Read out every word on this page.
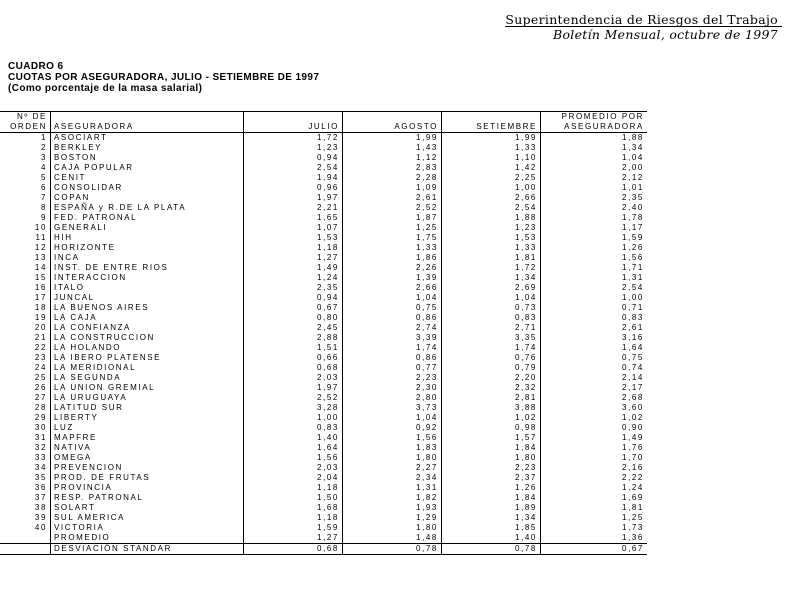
Superintendencia de Riesgos del Trabajo
Boletín Mensual, octubre de 1997
CUADRO 6
CUOTAS POR ASEGURADORA, JULIO - SETIEMBRE DE 1997
(Como porcentaje de la masa salarial)
Nº DE					PROMEDIO POR
ORDEN	ASEGURADORA	JULIO	AGOSTO	SETIEMBRE	ASEGURADORA
1	ASOCIART	1,72	1,99	1,99	1,88
2	BERKLEY	1,23	1,43	1,33	1,34
3	BOSTON	0,94	1,12	1,10	1,04
4	CAJA POPULAR	2,54	2,83	1,42	2,00
5	CENIT	1,94	2,28	2,25	2,12
6	CONSOLIDAR	0,96	1,09	1,00	1,01
7	COPAN	1,97	2,61	2,66	2,35
8	ESPAÑA y R.DE LA PLATA	2,21	2,52	2,54	2,40
9	FED. PATRONAL	1,65	1,87	1,88	1,78
10	GENERALI	1,07	1,25	1,23	1,17
11	HIH	1,53	1,75	1,53	1,59
12	HORIZONTE	1,18	1,33	1,33	1,26
13	INCA	1,27	1,86	1,81	1,56
14	INST. DE ENTRE RIOS	1,49	2,26	1,72	1,71
15	INTERACCION	1,24	1,39	1,34	1,31
16	ITALO	2,35	2,66	2,69	2,54
17	JUNCAL	0,94	1,04	1,04	1,00
18	LA BUENOS AIRES	0,67	0,75	0,73	0,71
19	LA CAJA	0,80	0,86	0,83	0,83
20	LA CONFIANZA	2,45	2,74	2,71	2,61
21	LA CONSTRUCCION	2,88	3,39	3,35	3,16
22	LA HOLANDO	1,51	1,74	1,74	1,64
23	LA IBERO PLATENSE	0,66	0,86	0,76	0,75
24	LA MERIDIONAL	0,68	0,77	0,79	0,74
25	LA SEGUNDA	2,03	2,23	2,20	2,14
26	LA UNION GREMIAL	1,97	2,30	2,32	2,17
27	LA URUGUAYA	2,52	2,80	2,81	2,68
28	LATITUD SUR	3,28	3,73	3,88	3,60
29	LIBERTY	1,00	1,04	1,02	1,02
30	LUZ	0,83	0,92	0,98	0,90
31	MAPFRE	1,40	1,56	1,57	1,49
32	NATIVA	1,64	1,83	1,84	1,76
33	OMEGA	1,56	1,80	1,80	1,70
34	PREVENCION	2,03	2,27	2,23	2,16
35	PROD. DE FRUTAS	2,04	2,34	2,37	2,22
36	PROVINCIA	1,18	1,31	1,26	1,24
37	RESP. PATRONAL	1,50	1,82	1,84	1,69
38	SOLART	1,68	1,93	1,89	1,81
39	SUL AMERICA	1,18	1,29	1,34	1,25
40	VICTORIA	1,59	1,80	1,85	1,73
	PROMEDIO	1,27	1,48	1,40	1,36
	DESVIACIÓN STANDAR	0,68	0,78	0,78	0,67
